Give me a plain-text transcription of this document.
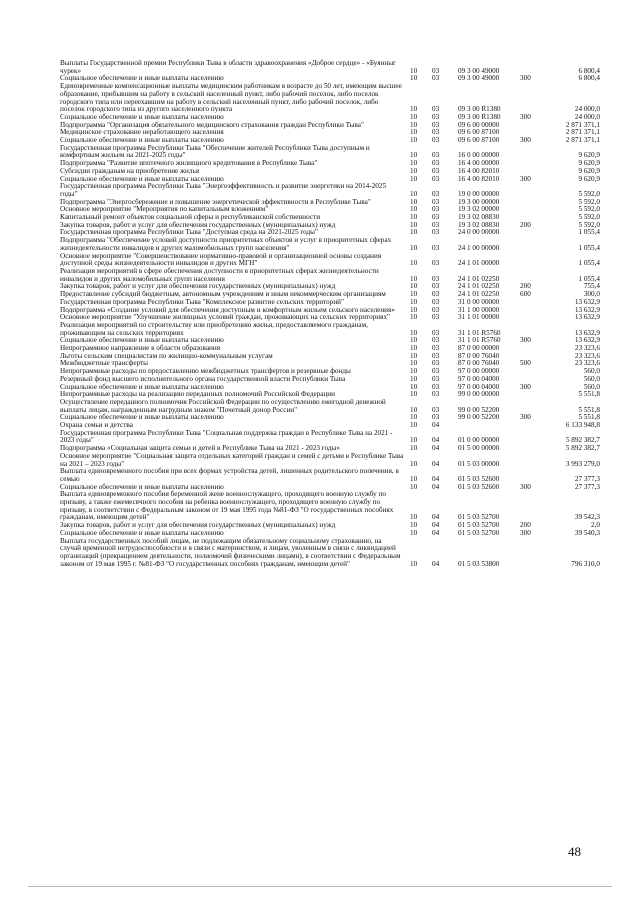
Выплаты Государственной премии Республики Тыва в области здравоохранения «Доброе сердце» - «Буянныг чурек»	10	03	09 3 00 49000	6 800,4
Социальное обеспечение и иные выплаты населению	10	03	09 3 00 49000	300	6 800,4
Единовременные компенсационные выплаты медицинским работникам в возрасте до 50 лет, имеющим высшее образование, прибывшим на работу в сельский населенный пункт, либо рабочий поселок, либо поселок городского типа или переехавшим на работу в сельский населенный пункт, либо рабочий поселок, либо поселок городского типа из другого населенного пункта	10	03	09 3 00 R1380	24 000,0
Социальное обеспечение и иные выплаты населению	10	03	09 3 00 R1380	300	24 000,0
Подпрограмма "Организация обязательного медицинского страхования граждан Республики Тыва"	10	03	09 6 00 00000	2 871 371,1
Медицинское страхование неработающего населения	10	03	09 6 00 87100	2 871 371,1
Социальное обеспечение и иные выплаты населению	10	03	09 6 00 87100	300	2 871 371,1
Государственная программа Республики Тыва "Обеспечение жителей Республики Тыва доступным и комфортным жильем на 2021-2025 годы"	10	03	16 0 00 00000	9 620,9
Подпрограмма "Развитие ипотечного жилищного кредитования в Республике Тыва"	10	03	16 4 00 00000	9 620,9
Субсидии гражданам на приобретение жилья	10	03	16 4 00 82010	9 620,9
Социальное обеспечение и иные выплаты населению	10	03	16 4 00 82010	300	9 620,9
Государственная программа Республики Тыва "Энергоэффективность и развитие энергетики на 2014-2025 годы"	10	03	19 0 00 00000	5 592,0
Подпрограмма "Энергосбережение и повышение энергетической эффективности в Республике Тыва"	10	03	19 3 00 00000	5 592,0
Основное мероприятие "Мероприятия по капитальным вложениям"	10	03	19 3 02 00000	5 592,0
Капитальный ремонт объектов социальной сферы и республиканской собственности	10	03	19 3 02 08830	5 592,0
Закупка товаров, работ и услуг для обеспечения государственных (муниципальных) нужд	10	03	19 3 02 08830	200	5 592,0
Государственная программа Республики Тыва "Доступная среда на 2021-2025 годы"	10	03	24 0 00 00000	1 055,4
Подпрограмма "Обеспечение условий доступности приоритетных объектов и услуг в приоритетных сферах жизнедеятельности инвалидов и других маломобильных групп населения"	10	03	24 1 00 00000	1 055,4
Основное мероприятие "Совершенствование нормативно-правовой и организационной основы создания доступной среды жизнедеятельности инвалидов и других МГН"	10	03	24 1 01 00000	1 055,4
Реализация мероприятий в сфере обеспечения доступности в приоритетных сферах жизнедеятельности инвалидов и других маломобильных групп населения	10	03	24 1 01 02250	1 055,4
Закупка товаров, работ и услуг для обеспечения государственных (муниципальных) нужд	10	03	24 1 01 02250	200	755,4
Предоставление субсидий бюджетным, автономным учреждениям и иным некоммерческим организациям	10	03	24 1 01 02250	600	300,0
Государственная программа Республики Тыва "Комплексное развитие сельских территорий"	10	03	31 0 00 00000	13 632,9
Подпрограмма «Создание условий для обеспечения доступным и комфортным жильем сельского населения»	10	03	31 1 00 00000	13 632,9
Основное мероприятие "Улучшение жилищных условий граждан, проживающих на сельских территориях"	10	03	31 1 01 00000	13 632,9
Реализация мероприятий по строительству или приобретению жилья, предоставляемого гражданам, проживающим на сельских территориях	10	03	31 1 01 R5760	13 632,9
Социальное обеспечение и иные выплаты населению	10	03	31 1 01 R5760	300	13 632,9
Непрограммное направление в области образования	10	03	87 0 00 00000	23 323,6
Льготы сельским специалистам по жилищно-коммунальным услугам	10	03	87 0 00 76040	23 323,6
Межбюджетные трансферты	10	03	87 0 00 76040	500	23 323,6
Непрограммные расходы по предоставлению межбюджетных трансфертов и резервные фонды	10	03	97 0 00 00000	560,0
Резервный фонд высшего исполнительного органа государственной власти Республики Тыва	10	03	97 0 00 04000	560,0
Социальное обеспечение и иные выплаты населению	10	03	97 0 00 04000	300	560,0
Непрограммные расходы на реализацию переданных полномочий Российской Федерации	10	03	99 0 00 00000	5 551,8
Осуществление переданного полномочия Российской Федерации по осуществлению ежегодной денежной выплаты лицам, награжденным нагрудным знаком "Почетный донор России"	10	03	99 0 00 52200	5 551,8
Социальное обеспечение и иные выплаты населению	10	03	99 0 00 52200	300	5 551,8
Охрана семьи и детства	10	04	6 133 948,8
Государственная программа Республики Тыва "Социальная поддержка граждан в Республике Тыва на 2021 - 2023 годы"	10	04	01 0 00 00000	5 892 382,7
Подпрограмма «Социальная защита семьи и детей в Республике Тыва на 2021 - 2023 годы»	10	04	01 5 00 00000	5 892 382,7
Основное мероприятие "Социальная защита отдельных категорий граждан и семей с детьми в Республике Тыва на 2021 – 2023 годы"	10	04	01 5 03 00000	3 993 279,0
Выплата единовременного пособия при всех формах устройства детей, лишенных родительского попечения, в семью	10	04	01 5 03 52600	27 377,3
Социальное обеспечение и иные выплаты населению	10	04	01 5 03 52600	300	27 377,3
Выплата единовременного пособия беременной жене военнослужащего, проходящего военную службу по призыву, а также ежемесячного пособия на ребенка военнослужащего, проходящего военную службу по призыву, в соответствии с Федеральным законом от 19 мая 1995 года №81-ФЗ "О государственных пособиях гражданам, имеющим детей"	10	04	01 5 03 52700	39 542,3
Закупка товаров, работ и услуг для обеспечения государственных (муниципальных) нужд	10	04	01 5 03 52700	200	2,0
Социальное обеспечение и иные выплаты населению	10	04	01 5 03 52700	300	39 540,3
Выплата государственных пособий лицам, не подлежащим обязательному социальному страхованию, на случай временной нетрудоспособности и в связи с материнством, и лицам, уволенным в связи с ликвидацией организаций (прекращением деятельности, полномочий физическими лицами), в соответствии с Федеральным законом от 19 мая 1995 г. №81-ФЗ "О государственных пособиях гражданам, имеющим детей"	10	04	01 5 03 53800	796 310,0
48
